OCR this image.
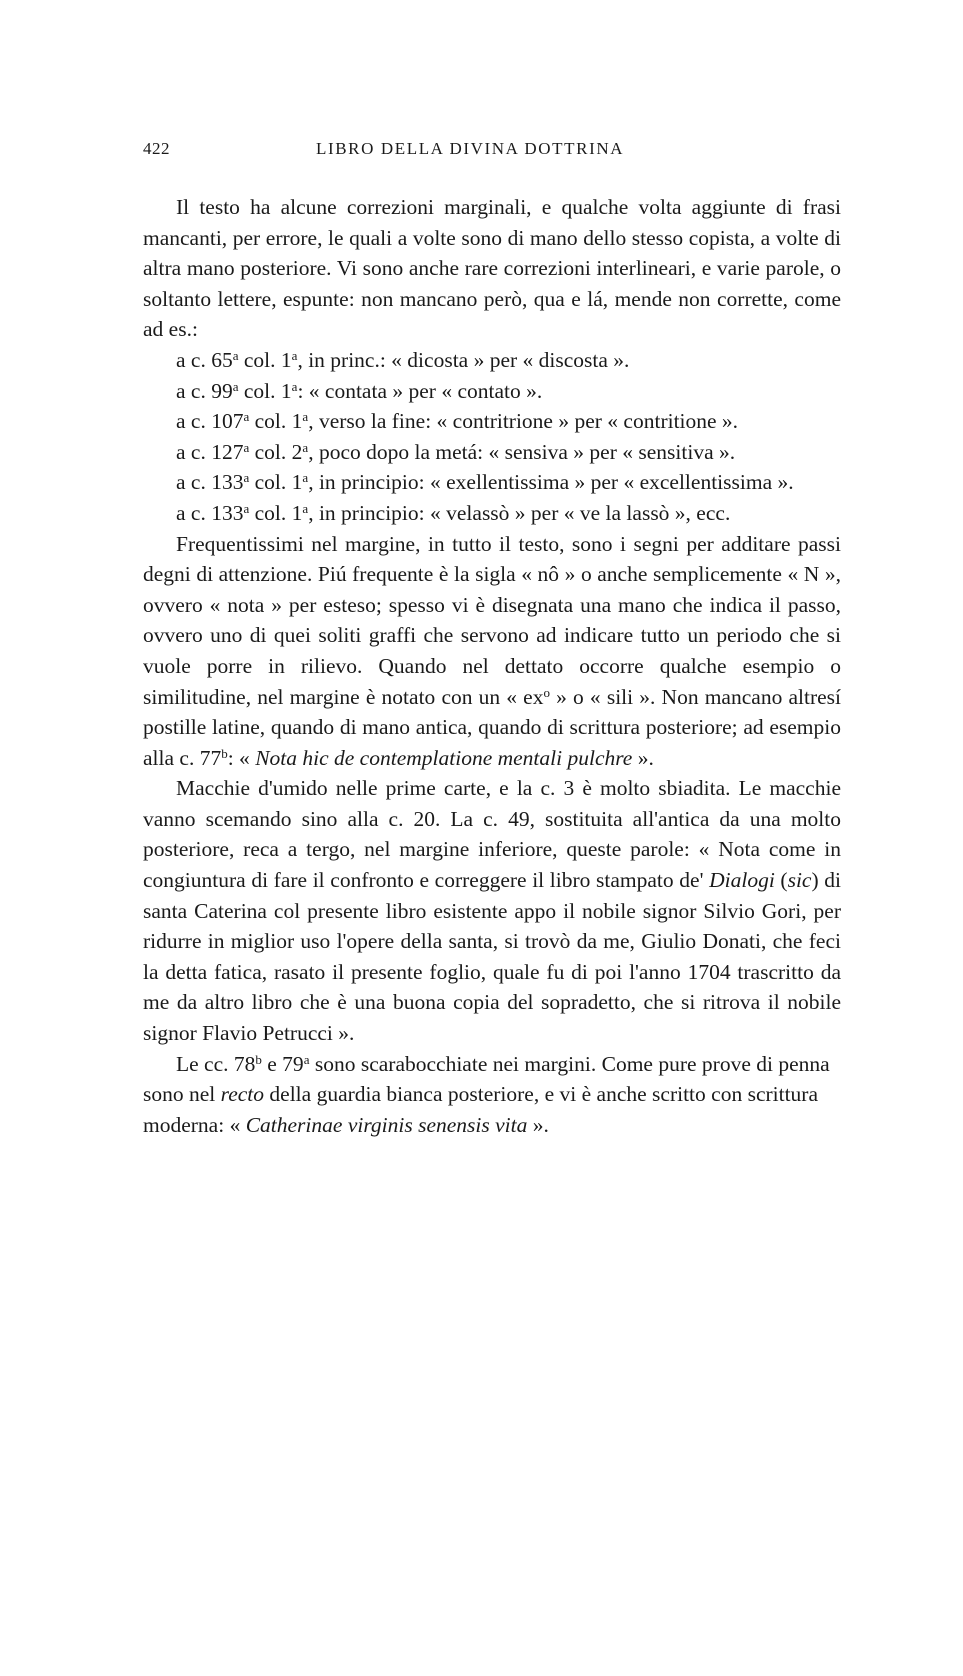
422	LIBRO DELLA DIVINA DOTTRINA

Il testo ha alcune correzioni marginali, e qualche volta aggiunte di frasi mancanti, per errore, le quali a volte sono di mano dello stesso copista, a volte di altra mano posteriore. Vi sono anche rare correzioni interlineari, e varie parole, o soltanto lettere, espunte: non mancano però, qua e lá, mende non corrette, come ad es.:

a c. 65$^a$ col. 1$^a$, in princ.: « dicosta » per « discosta ».

a c. 99$^a$ col. 1$^a$: « contata » per « contato ».

a c. 107$^a$ col. 1$^a$, verso la fine: « contritrione » per « contritione ».

a c. 127$^a$ col. 2$^a$, poco dopo la metá: « sensiva » per « sensitiva ».

a c. 133$^a$ col. 1$^a$, in principio: « exellentissima » per « excellentissima ».

a c. 133$^a$ col. 1$^a$, in principio: « velassò » per « ve la lassò », ecc.

Frequentissimi nel margine, in tutto il testo, sono i segni per additare passi degni di attenzione. Piú frequente è la sigla « nô » o anche semplicemente « N », ovvero « nota » per esteso; spesso vi è disegnata una mano che indica il passo, ovvero uno di quei soliti graffi che servono ad indicare tutto un periodo che si vuole porre in rilievo. Quando nel dettato occorre qualche esempio o similitudine, nel margine è notato con un « $ex^o$ » o « sili ». Non mancano altresí postille latine, quando di mano antica, quando di scrittura posteriore; ad esempio alla c. 77$^b$: « Nota hic de contemplatione mentali pulchre ».

Macchie d'umido nelle prime carte, e la c. 3 è molto sbiadita. Le macchie vanno scemando sino alla c. 20. La c. 49, sostituita all'antica da una molto posteriore, reca a tergo, nel margine inferiore, queste parole: « Nota come in congiuntura di fare il confronto e correggere il libro stampato de' Dialogi (sic) di santa Caterina col presente libro esistente appo il nobile signor Silvio Gori, per ridurre in miglior uso l'opere della santa, si trovò da me, Giulio Donati, che feci la detta fatica, rasato il presente foglio, quale fu di poi l'anno 1704 trascritto da me da altro libro che è una buona copia del sopradetto, che si ritrova il nobile signor Flavio Petrucci ».

Le cc. 78$^b$ e 79$^a$ sono scarabocchiate nei margini. Come pure prove di penna sono nel recto della guardia bianca posteriore, e vi è anche scritto con scrittura moderna: « Catherinae virginis senensis vita ».
